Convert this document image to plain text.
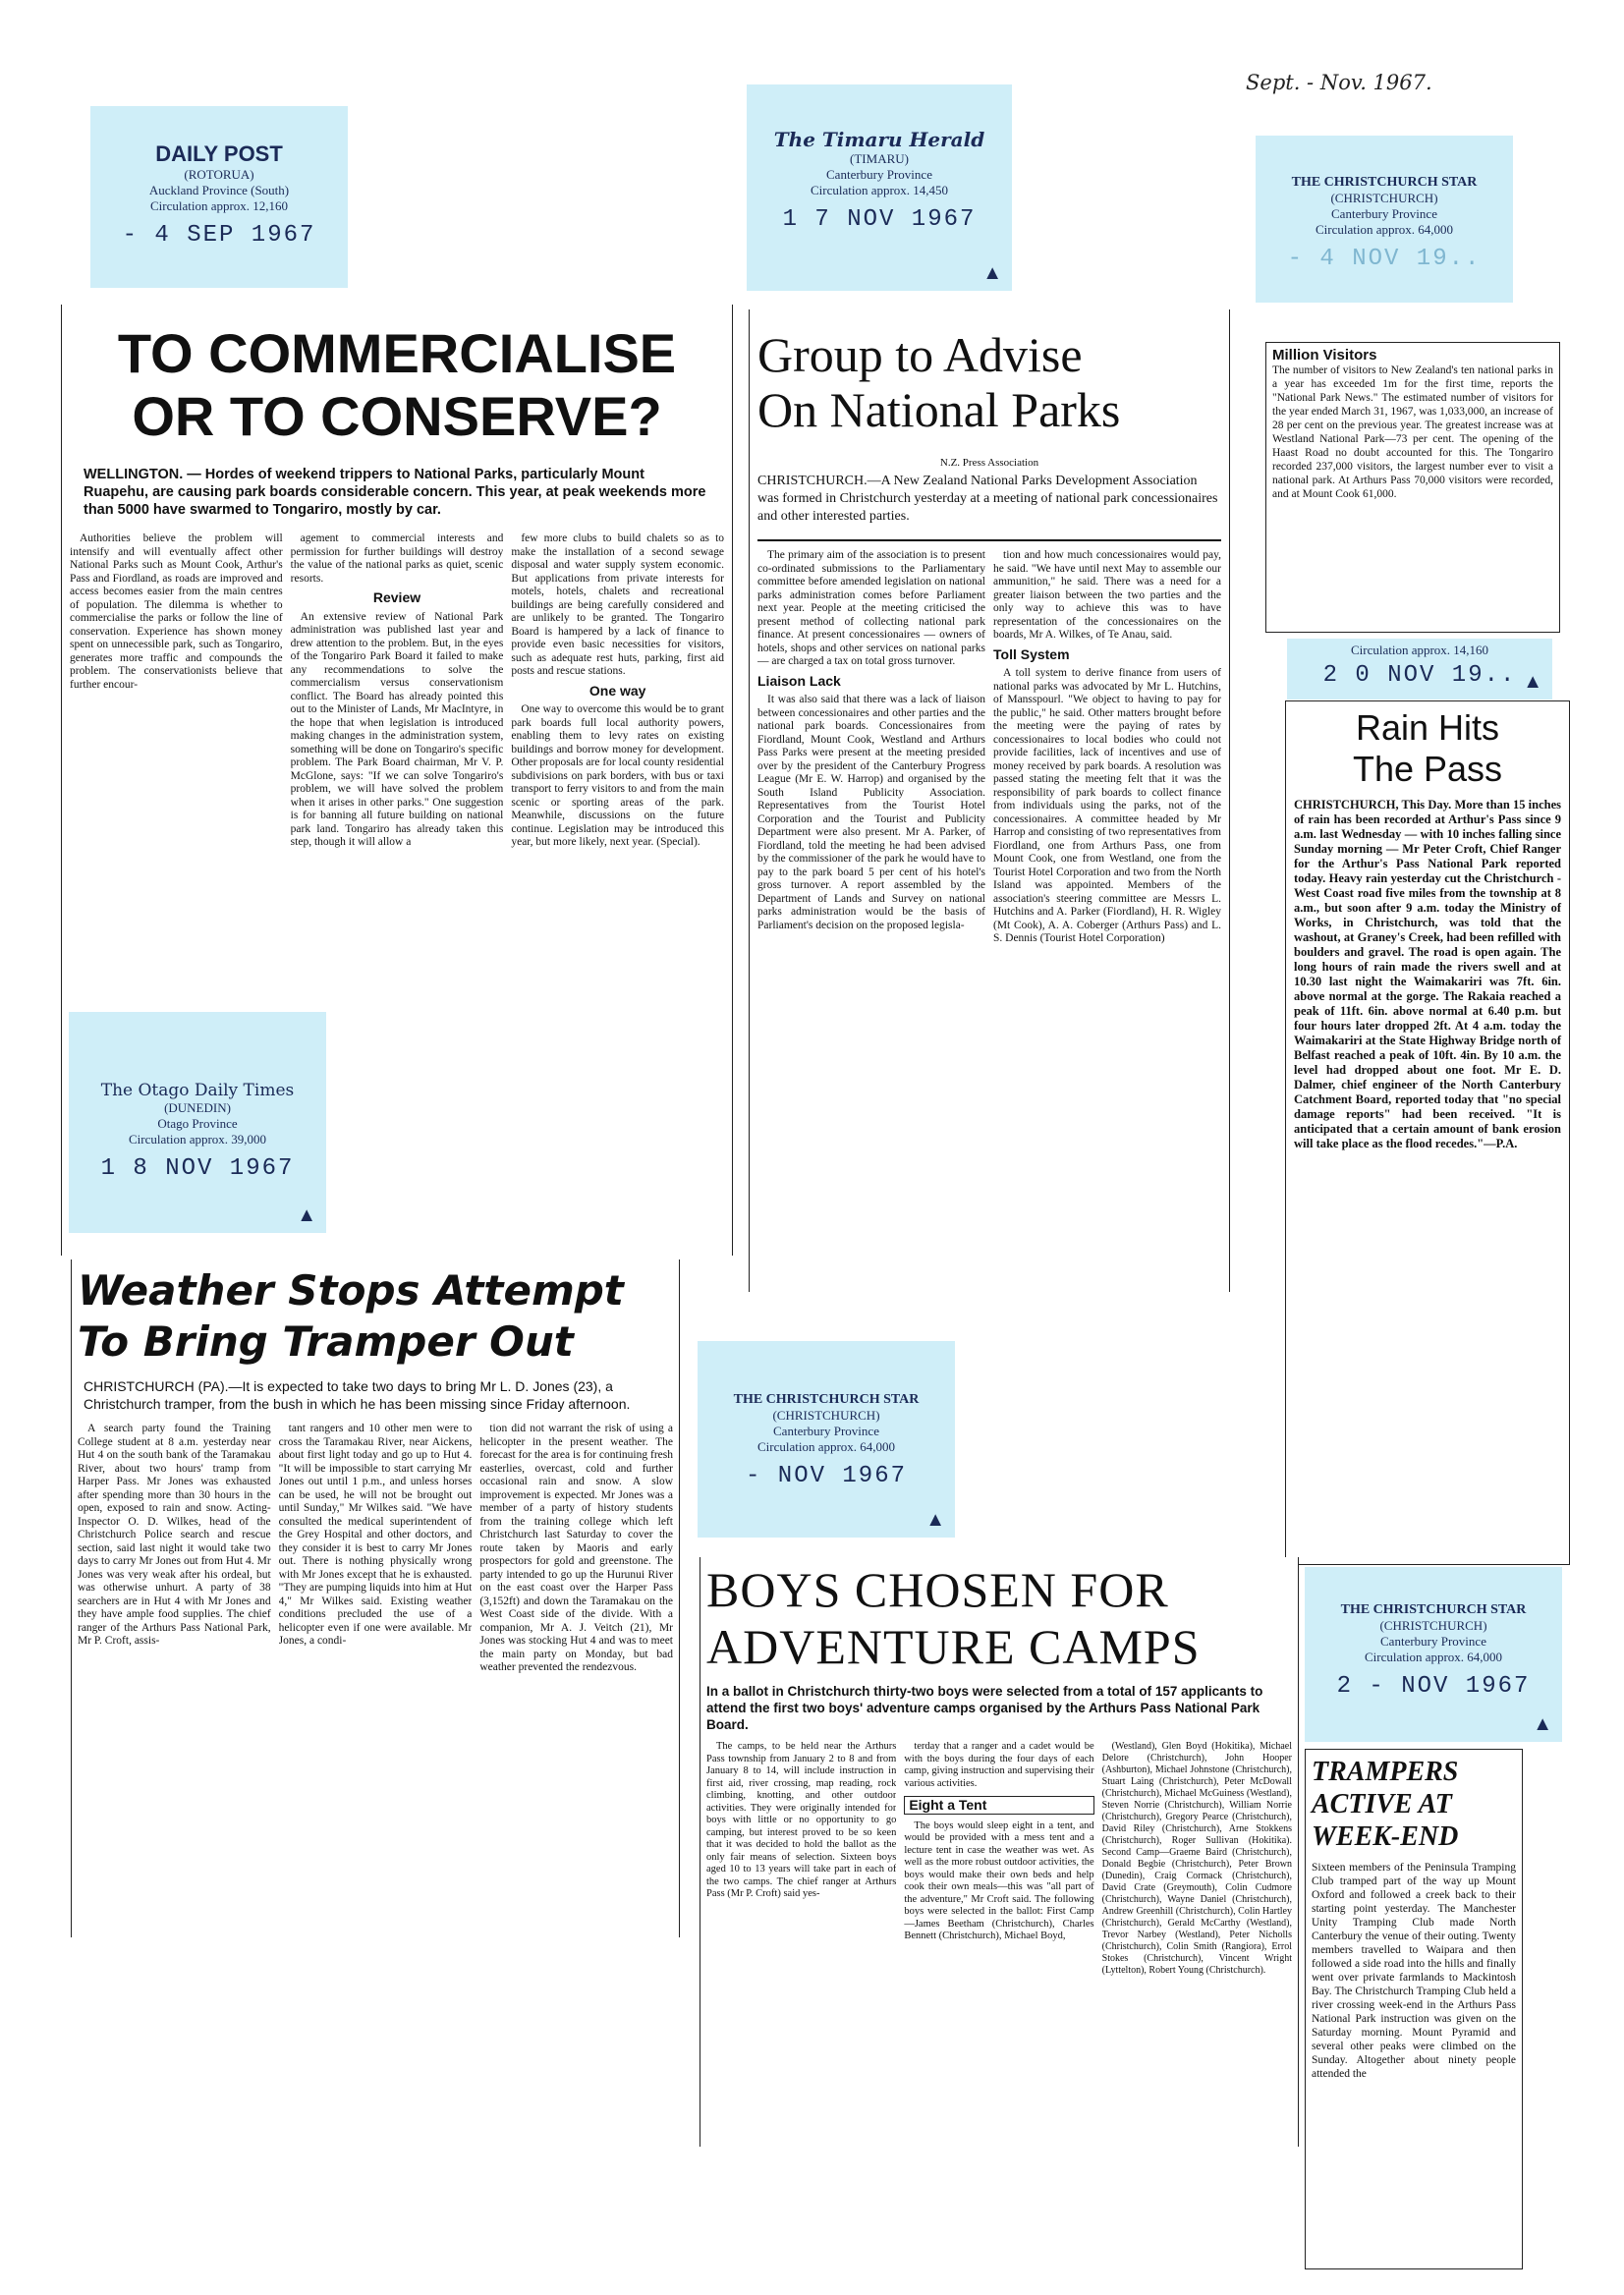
Sept. - Nov. 1967.
DAILY POST
(ROTORUA)
Auckland Province (South)
Circulation approx. 12,160
- 4 SEP 1967
The Timaru Herald
(TIMARU)
Canterbury Province
Circulation approx. 14,450
1 7 NOV 1967
▲
THE CHRISTCHURCH STAR
(CHRISTCHURCH)
Canterbury Province
Circulation approx. 64,000
- 4 NOV 19..
TO COMMERCIALISE
OR TO CONSERVE?
WELLINGTON. — Hordes of weekend trippers to National Parks, particularly Mount Ruapehu, are causing park boards considerable concern. This year, at peak weekends more than 5000 have swarmed to Tongariro, mostly by car.

Authorities believe the problem will intensify and will eventually affect other National Parks such as Mount Cook, Arthur's Pass and Fiordland, as roads are improved and access becomes easier from the main centres of population. The dilemma is whether to commercialise the parks or follow the line of conservation. Experience has shown money spent on unnecessible park, such as Tongariro, generates more traffic and compounds the problem. The conservationists believe that further encour-

agement to commercial interests and permission for further buildings will destroy the value of the national parks as quiet, scenic resorts.

Review

An extensive review of National Park administration was published last year and drew attention to the problem. But, in the eyes of the Tongariro Park Board it failed to make any recommendations to solve the commercialism versus conservationism conflict. The Board has already pointed this out to the Minister of Lands, Mr MacIntyre, in the hope that when legislation is introduced making changes in the administration system, something will be done on Tongariro's specific problem. The Park Board chairman, Mr V. P. McGlone, says: "If we can solve Tongariro's problem, we will have solved the problem when it arises in other parks." One suggestion is for banning all future building on national park land. Tongariro has already taken this step, though it will allow a

few more clubs to build chalets so as to make the installation of a second sewage disposal and water supply system economic. But applications from private interests for motels, hotels, chalets and recreational buildings are being carefully considered and are unlikely to be granted. The Tongariro Board is hampered by a lack of finance to provide even basic necessities for visitors, such as adequate rest huts, parking, first aid posts and rescue stations.

One way

One way to overcome this would be to grant park boards full local authority powers, enabling them to levy rates on existing buildings and borrow money for development. Other proposals are for local county residential subdivisions on park borders, with bus or taxi transport to ferry visitors to and from the main scenic or sporting areas of the park. Meanwhile, discussions on the future continue. Legislation may be introduced this year, but more likely, next year. (Special).

The Otago Daily Times
(DUNEDIN)
Otago Province
Circulation approx. 39,000
1 8 NOV 1967
▲
Group to Advise
On National Parks
N.Z. Press Association
CHRISTCHURCH.—A New Zealand National Parks Development Association was formed in Christchurch yesterday at a meeting of national park concessionaires and other interested parties.

The primary aim of the association is to present co-ordinated submissions to the Parliamentary committee before amended legislation on national parks administration comes before Parliament next year. People at the meeting criticised the present method of collecting national park finance. At present concessionaires — owners of hotels, shops and other services on national parks — are charged a tax on total gross turnover.

Liaison Lack

It was also said that there was a lack of liaison between concessionaires and other parties and the national park boards. Concessionaires from Fiordland, Mount Cook, Westland and Arthurs Pass Parks were present at the meeting presided over by the president of the Canterbury Progress League (Mr E. W. Harrop) and organised by the South Island Publicity Association. Representatives from the Tourist Hotel Corporation and the Tourist and Publicity Department were also present. Mr A. Parker, of Fiordland, told the meeting he had been advised by the commissioner of the park he would have to pay to the park board 5 per cent of his hotel's gross turnover. A report assembled by the Department of Lands and Survey on national parks administration would be the basis of Parliament's decision on the proposed legisla-

tion and how much concessionaires would pay, he said. "We have until next May to assemble our ammunition," he said. There was a need for a greater liaison between the two parties and the only way to achieve this was to have representation of the concessionaires on the boards, Mr A. Wilkes, of Te Anau, said.

Toll System

A toll system to derive finance from users of national parks was advocated by Mr L. Hutchins, of Mansspourl. "We object to having to pay for the public," he said. Other matters brought before the meeting were the paying of rates by concessionaires to local bodies who could not provide facilities, lack of incentives and use of money received by park boards. A resolution was passed stating the meeting felt that it was the responsibility of park boards to collect finance from individuals using the parks, not of the concessionaires. A committee headed by Mr Harrop and consisting of two representatives from Fiordland, one from Arthurs Pass, one from Mount Cook, one from Westland, one from the Tourist Hotel Corporation and two from the North Island was appointed. Members of the association's steering committee are Messrs L. Hutchins and A. Parker (Fiordland), H. R. Wigley (Mt Cook), A. A. Coberger (Arthurs Pass) and L. S. Dennis (Tourist Hotel Corporation)

Million Visitors
The number of visitors to New Zealand's ten national parks in a year has exceeded 1m for the first time, reports the "National Park News." The estimated number of visitors for the year ended March 31, 1967, was 1,033,000, an increase of 28 per cent on the previous year. The greatest increase was at Westland National Park—73 per cent. The opening of the Haast Road no doubt accounted for this. The Tongariro recorded 237,000 visitors, the largest number ever to visit a national park. At Arthurs Pass 70,000 visitors were recorded, and at Mount Cook 61,000.
Circulation approx. 14,160
2 0 NOV 19.. ▲
Rain Hits
The Pass
CHRISTCHURCH, This Day. More than 15 inches of rain has been recorded at Arthur's Pass since 9 a.m. last Wednesday — with 10 inches falling since Sunday morning — Mr Peter Croft, Chief Ranger for the Arthur's Pass National Park reported today. Heavy rain yesterday cut the Christchurch - West Coast road five miles from the township at 8 a.m., but soon after 9 a.m. today the Ministry of Works, in Christchurch, was told that the washout, at Graney's Creek, had been refilled with boulders and gravel. The road is open again. The long hours of rain made the rivers swell and at 10.30 last night the Waimakariri was 7ft. 6in. above normal at the gorge. The Rakaia reached a peak of 11ft. 6in. above normal at 6.40 p.m. but four hours later dropped 2ft. At 4 a.m. today the Waimakariri at the State Highway Bridge north of Belfast reached a peak of 10ft. 4in. By 10 a.m. the level had dropped about one foot. Mr E. D. Dalmer, chief engineer of the North Canterbury Catchment Board, reported today that "no special damage reports" had been received. "It is anticipated that a certain amount of bank erosion will take place as the flood recedes."—P.A.
Weather Stops Attempt
To Bring Tramper Out
CHRISTCHURCH (PA).—It is expected to take two days to bring Mr L. D. Jones (23), a Christchurch tramper, from the bush in which he has been missing since Friday afternoon.

A search party found the Training College student at 8 a.m. yesterday near Hut 4 on the south bank of the Taramakau River, about two hours' tramp from Harper Pass. Mr Jones was exhausted after spending more than 30 hours in the open, exposed to rain and snow. Acting-Inspector O. D. Wilkes, head of the Christchurch Police search and rescue section, said last night it would take two days to carry Mr Jones out from Hut 4. Mr Jones was very weak after his ordeal, but was otherwise unhurt. A party of 38 searchers are in Hut 4 with Mr Jones and they have ample food supplies. The chief ranger of the Arthurs Pass National Park, Mr P. Croft, assis-

tant rangers and 10 other men were to cross the Taramakau River, near Aickens, about first light today and go up to Hut 4. "It will be impossible to start carrying Mr Jones out until 1 p.m., and unless horses can be used, he will not be brought out until Sunday," Mr Wilkes said. "We have consulted the medical superintendent of the Grey Hospital and other doctors, and they consider it is best to carry Mr Jones out. There is nothing physically wrong with Mr Jones except that he is exhausted. "They are pumping liquids into him at Hut 4," Mr Wilkes said. Existing weather conditions precluded the use of a helicopter even if one were available. Mr Jones, a condi-

tion did not warrant the risk of using a helicopter in the present weather. The forecast for the area is for continuing fresh easterlies, overcast, cold and further occasional rain and snow. A slow improvement is expected. Mr Jones was a member of a party of history students from the training college which left Christchurch last Saturday to cover the route taken by Maoris and early prospectors for gold and greenstone. The party intended to go up the Hurunui River on the east coast over the Harper Pass (3,152ft) and down the Taramakau on the West Coast side of the divide. With a companion, Mr A. J. Veitch (21), Mr Jones was stocking Hut 4 and was to meet the main party on Monday, but bad weather prevented the rendezvous.

THE CHRISTCHURCH STAR
(CHRISTCHURCH)
Canterbury Province
Circulation approx. 64,000
- NOV 1967
▲
BOYS CHOSEN FOR
ADVENTURE CAMPS
In a ballot in Christchurch thirty-two boys were selected from a total of 157 applicants to attend the first two boys' adventure camps organised by the Arthurs Pass National Park Board.

The camps, to be held near the Arthurs Pass township from January 2 to 8 and from January 8 to 14, will include instruction in first aid, river crossing, map reading, rock climbing, knotting, and other outdoor activities. They were originally intended for boys with little or no opportunity to go camping, but interest proved to be so keen that it was decided to hold the ballot as the only fair means of selection. Sixteen boys aged 10 to 13 years will take part in each of the two camps. The chief ranger at Arthurs Pass (Mr P. Croft) said yes-

terday that a ranger and a cadet would be with the boys during the four days of each camp, giving instruction and supervising their various activities.

Eight a Tent

The boys would sleep eight in a tent, and would be provided with a mess tent and a lecture tent in case the weather was wet. As well as the more robust outdoor activities, the boys would make their own beds and help cook their own meals—this was "all part of the adventure," Mr Croft said. The following boys were selected in the ballot: First Camp—James Beetham (Christchurch), Charles Bennett (Christchurch), Michael Boyd,

(Westland), Glen Boyd (Hokitika), Michael Delore (Christchurch), John Hooper (Ashburton), Michael Johnstone (Christchurch), Stuart Laing (Christchurch), Peter McDowall (Christchurch), Michael McGuiness (Westland), Steven Norrie (Christchurch), William Norrie (Christchurch), Gregory Pearce (Christchurch), David Riley (Christchurch), Arne Stokkens (Christchurch), Roger Sullivan (Hokitika). Second Camp—Graeme Baird (Christchurch), Donald Begbie (Christchurch), Peter Brown (Dunedin), Craig Cormack (Christchurch), David Crate (Greymouth), Colin Cudmore (Christchurch), Wayne Daniel (Christchurch), Andrew Greenhill (Christchurch), Colin Hartley (Christchurch), Gerald McCarthy (Westland), Trevor Narbey (Westland), Peter Nicholls (Christchurch), Colin Smith (Rangiora), Errol Stokes (Christchurch), Vincent Wright (Lyttelton), Robert Young (Christchurch).

THE CHRISTCHURCH STAR
(CHRISTCHURCH)
Canterbury Province
Circulation approx. 64,000
2 - NOV 1967
▲
TRAMPERS
ACTIVE AT
WEEK-END
Sixteen members of the Peninsula Tramping Club tramped part of the way up Mount Oxford and followed a creek back to their starting point yesterday. The Manchester Unity Tramping Club made North Canterbury the venue of their outing. Twenty members travelled to Waipara and then followed a side road into the hills and finally went over private farmlands to Mackintosh Bay. The Christchurch Tramping Club held a river crossing week-end in the Arthurs Pass National Park instruction was given on the Saturday morning. Mount Pyramid and several other peaks were climbed on the Sunday. Altogether about ninety people attended the
